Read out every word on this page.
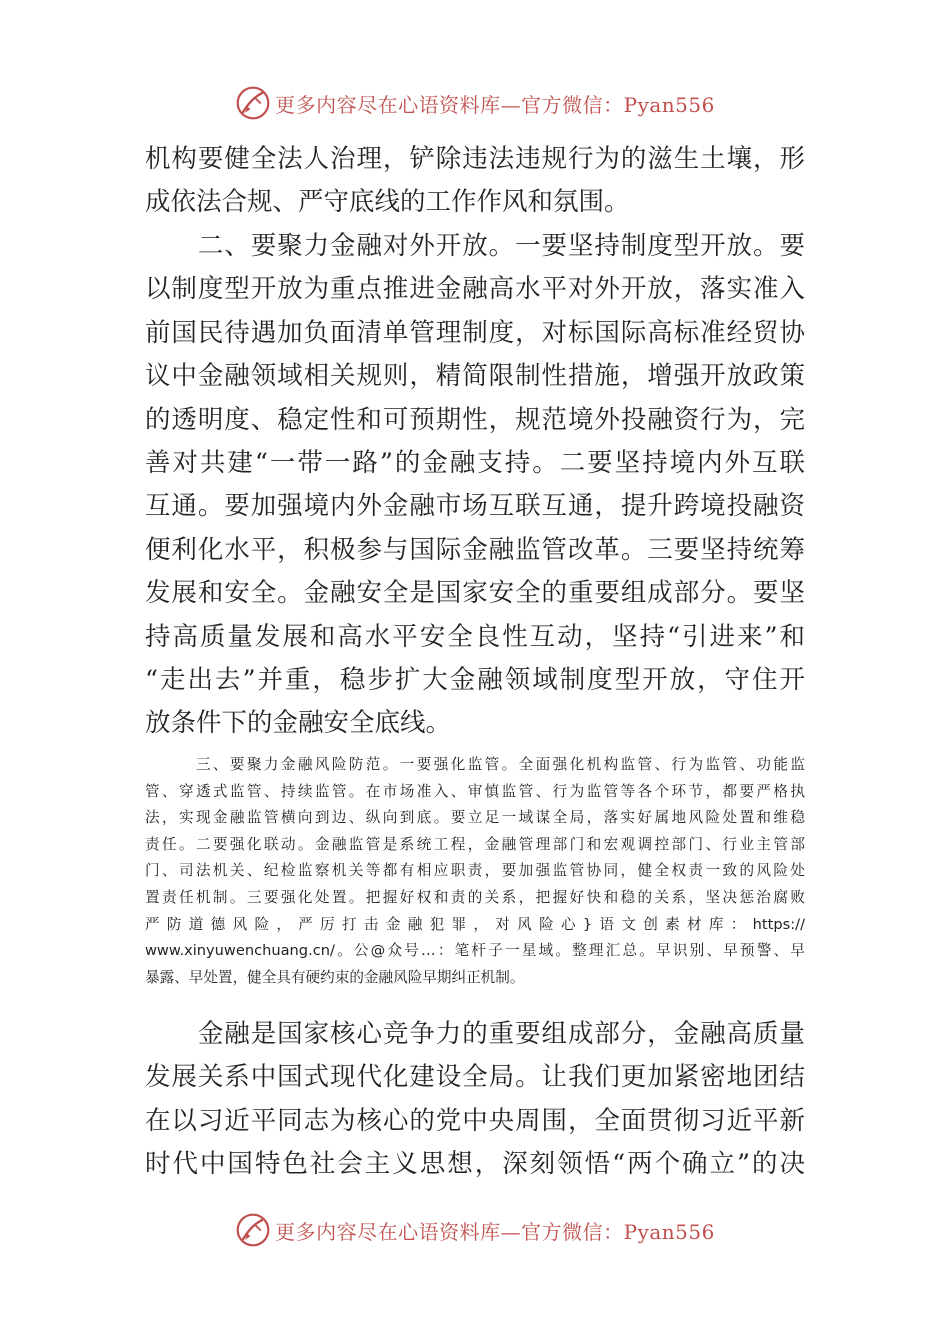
更多内容尽在心语资料库—官方微信：Pyan556
机构要健全法人治理，铲除违法违规行为的滋生土壤，形
成依法合规、严守底线的工作作风和氛围。
　　二、要聚力金融对外开放。一要坚持制度型开放。要
以制度型开放为重点推进金融高水平对外开放，落实准入
前国民待遇加负面清单管理制度，对标国际高标准经贸协
议中金融领域相关规则，精简限制性措施，增强开放政策
的透明度、稳定性和可预期性，规范境外投融资行为，完
善对共建“一带一路”的金融支持。二要坚持境内外互联
互通。要加强境内外金融市场互联互通，提升跨境投融资
便利化水平，积极参与国际金融监管改革。三要坚持统筹
发展和安全。金融安全是国家安全的重要组成部分。要坚
持高质量发展和高水平安全良性互动，坚持“引进来”和
“走出去”并重，稳步扩大金融领域制度型开放，守住开
放条件下的金融安全底线。
　　　三、要聚力金融风险防范。一要强化监管。全面强化机构监管、行为监管、功能监
管、穿透式监管、持续监管。在市场准入、审慎监管、行为监管等各个环节，都要严格执
法，实现金融监管横向到边、纵向到底。要立足一域谋全局，落实好属地风险处置和维稳
责任。二要强化联动。金融监管是系统工程，金融管理部门和宏观调控部门、行业主管部
门、司法机关、纪检监察机关等都有相应职责，要加强监管协同，健全权责一致的风险处
置责任机制。三要强化处置。把握好权和责的关系，把握好快和稳的关系，坚决惩治腐败
严防道德风险，严厉打击金融犯罪，对风险心}语文创素材库：https://
www.xinyuwenchuang.cn/。公@众号…：笔杆子一星域。整理汇总。早识别、早预警、早
暴露、早处置，健全具有硬约束的金融风险早期纠正机制。
　　金融是国家核心竞争力的重要组成部分，金融高质量
发展关系中国式现代化建设全局。让我们更加紧密地团结
在以习近平同志为核心的党中央周围，全面贯彻习近平新
时代中国特色社会主义思想，深刻领悟“两个确立”的决
更多内容尽在心语资料库—官方微信：Pyan556
